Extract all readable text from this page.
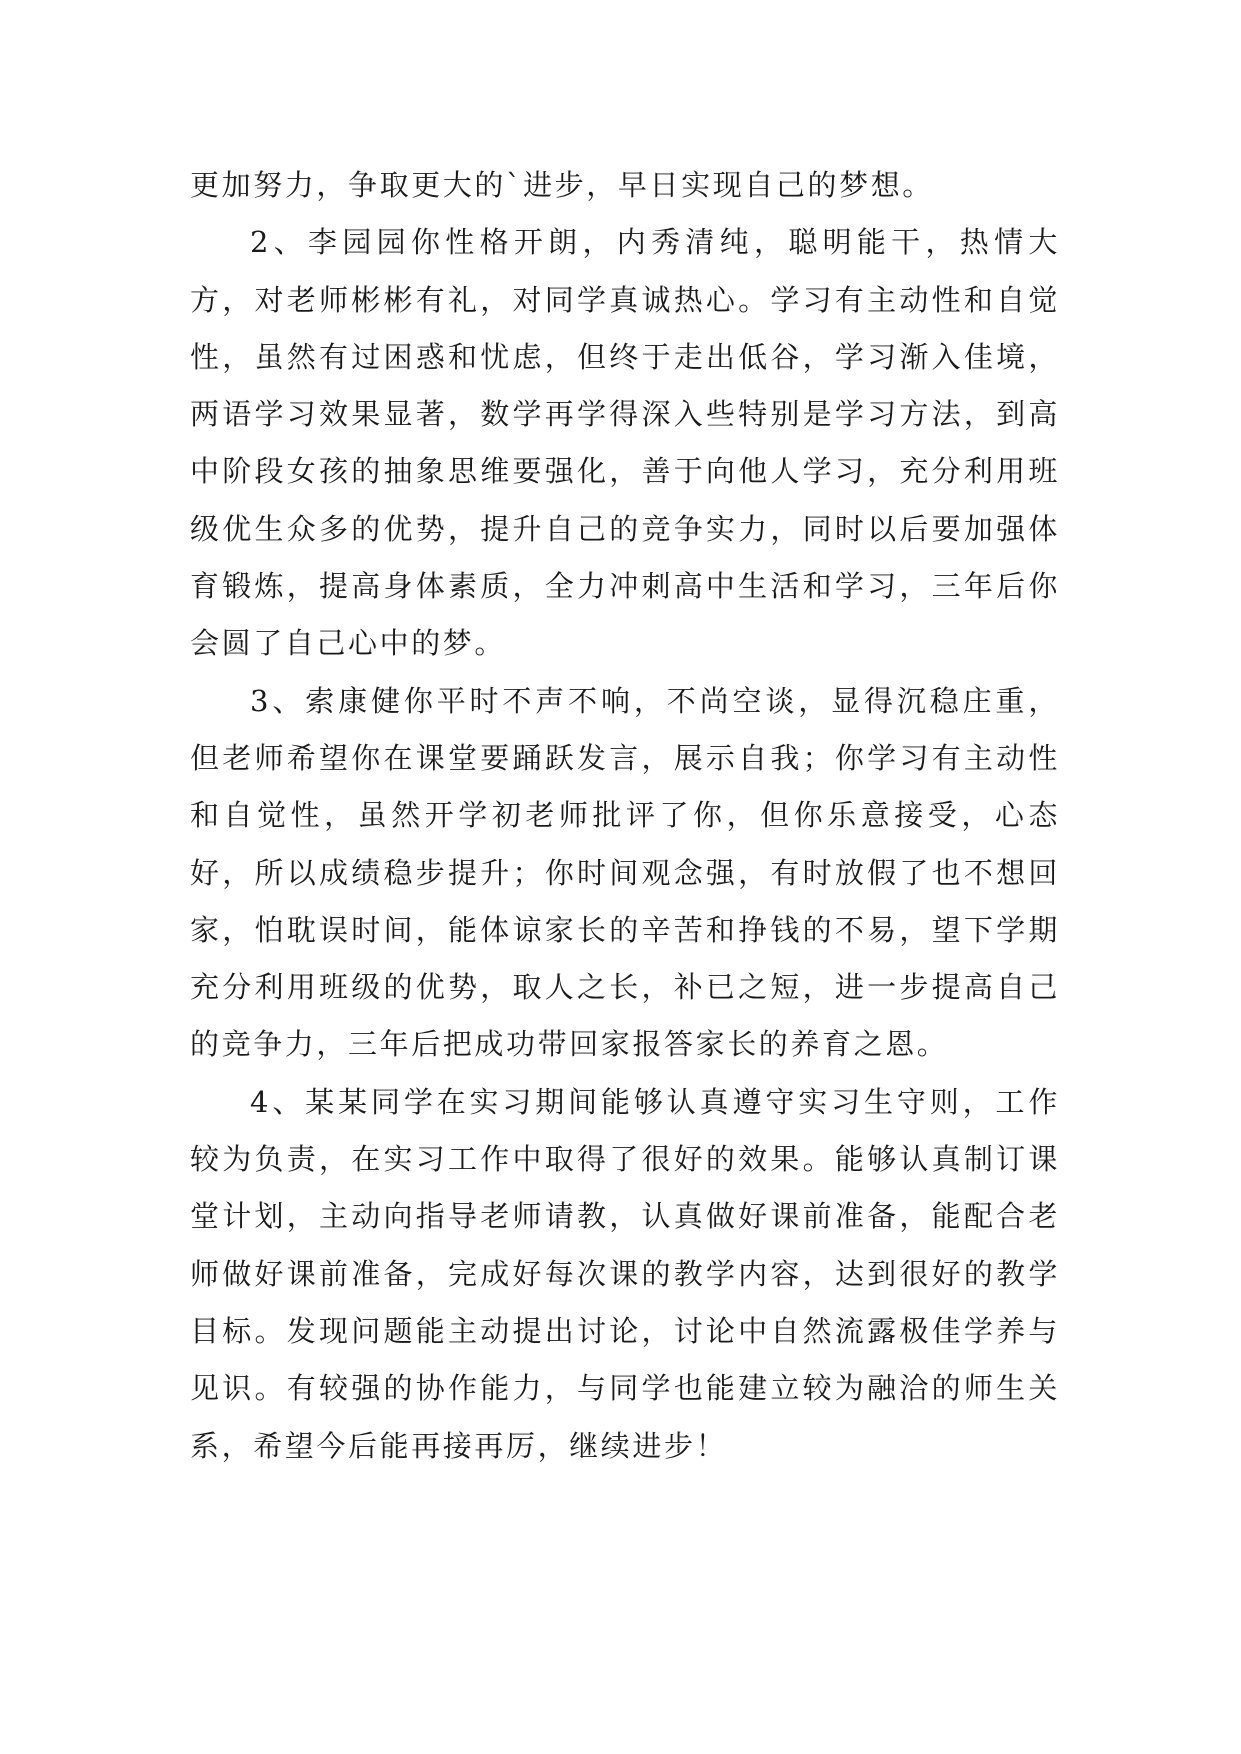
更加努力，争取更大的`进步，早日实现自己的梦想。

2、李园园你性格开朗，内秀清纯，聪明能干，热情大方，对老师彬彬有礼，对同学真诚热心。学习有主动性和自觉性，虽然有过困惑和忧虑，但终于走出低谷，学习渐入佳境，两语学习效果显著，数学再学得深入些特别是学习方法，到高中阶段女孩的抽象思维要强化，善于向他人学习，充分利用班级优生众多的优势，提升自己的竞争实力，同时以后要加强体育锻炼，提高身体素质，全力冲刺高中生活和学习，三年后你会圆了自己心中的梦。

3、索康健你平时不声不响，不尚空谈，显得沉稳庄重，但老师希望你在课堂要踊跃发言，展示自我；你学习有主动性和自觉性，虽然开学初老师批评了你，但你乐意接受，心态好，所以成绩稳步提升；你时间观念强，有时放假了也不想回家，怕耽误时间，能体谅家长的辛苦和挣钱的不易，望下学期充分利用班级的优势，取人之长，补已之短，进一步提高自己的竞争力，三年后把成功带回家报答家长的养育之恩。

4、某某同学在实习期间能够认真遵守实习生守则，工作较为负责，在实习工作中取得了很好的效果。能够认真制订课堂计划，主动向指导老师请教，认真做好课前准备，能配合老师做好课前准备，完成好每次课的教学内容，达到很好的教学目标。发现问题能主动提出讨论，讨论中自然流露极佳学养与见识。有较强的协作能力，与同学也能建立较为融洽的师生关系，希望今后能再接再厉，继续进步！
